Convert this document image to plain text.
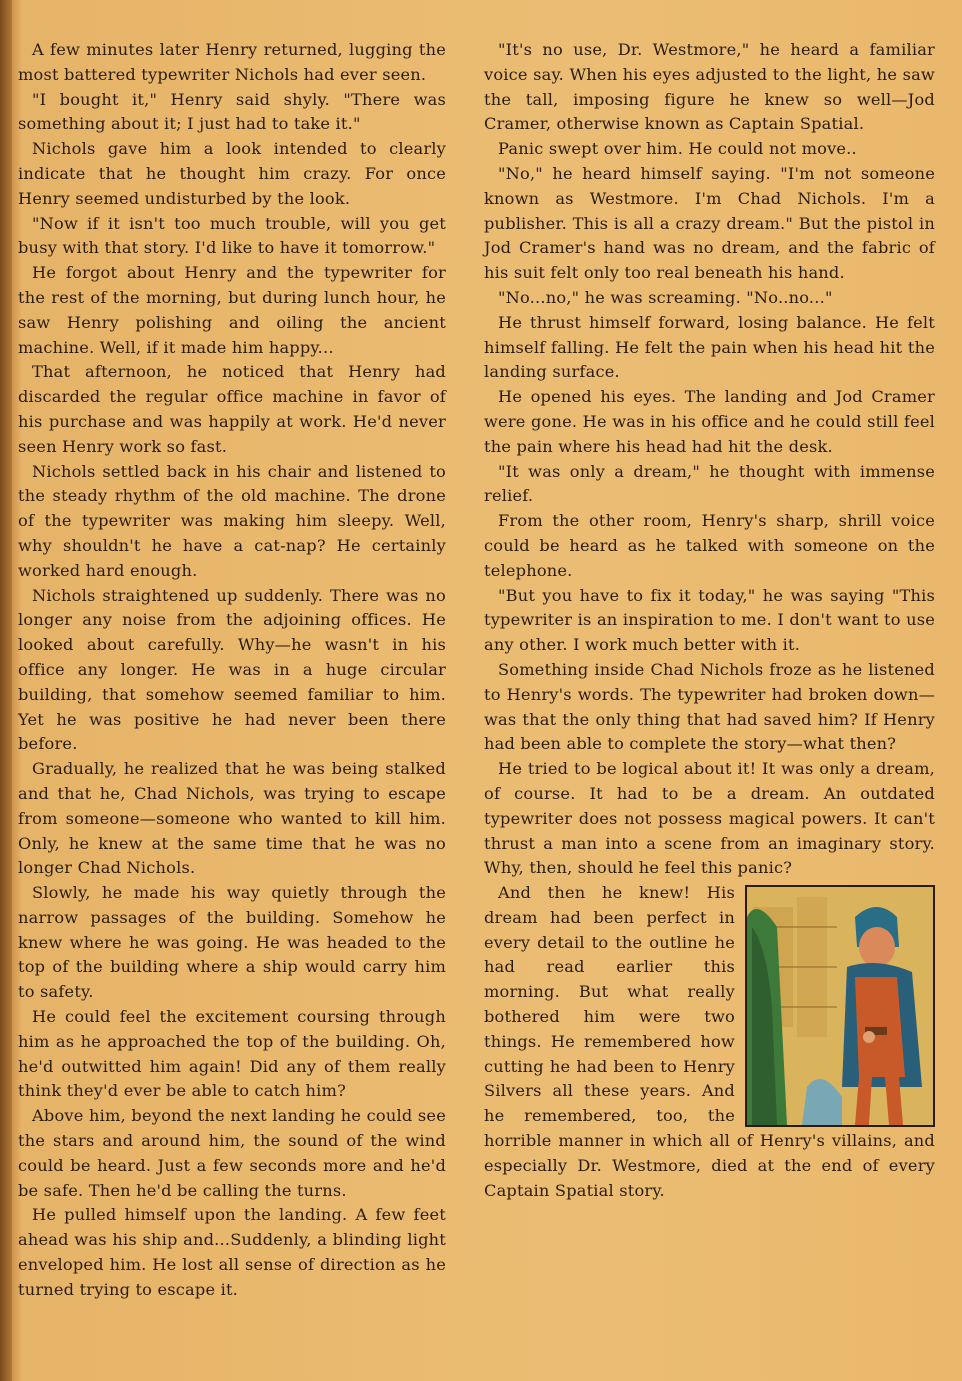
A few minutes later Henry returned, lugging the most battered typewriter Nichols had ever seen.

"I bought it," Henry said shyly. "There was something about it; I just had to take it."

Nichols gave him a look intended to clearly indicate that he thought him crazy. For once Henry seemed undisturbed by the look.

"Now if it isn't too much trouble, will you get busy with that story. I'd like to have it tomorrow."

He forgot about Henry and the typewriter for the rest of the morning, but during lunch hour, he saw Henry polishing and oiling the ancient machine. Well, if it made him happy...

That afternoon, he noticed that Henry had discarded the regular office machine in favor of his purchase and was happily at work. He'd never seen Henry work so fast.

Nichols settled back in his chair and listened to the steady rhythm of the old machine. The drone of the typewriter was making him sleepy. Well, why shouldn't he have a cat-nap? He certainly worked hard enough.

Nichols straightened up suddenly. There was no longer any noise from the adjoining offices. He looked about carefully. Why—he wasn't in his office any longer. He was in a huge circular building, that somehow seemed familiar to him. Yet he was positive he had never been there before.

Gradually, he realized that he was being stalked and that he, Chad Nichols, was trying to escape from someone—someone who wanted to kill him. Only, he knew at the same time that he was no longer Chad Nichols.

Slowly, he made his way quietly through the narrow passages of the building. Somehow he knew where he was going. He was headed to the top of the building where a ship would carry him to safety.

He could feel the excitement coursing through him as he approached the top of the building. Oh, he'd outwitted him again! Did any of them really think they'd ever be able to catch him?

Above him, beyond the next landing he could see the stars and around him, the sound of the wind could be heard. Just a few seconds more and he'd be safe. Then he'd be calling the turns.

He pulled himself upon the landing. A few feet ahead was his ship and...Suddenly, a blinding light enveloped him. He lost all sense of direction as he turned trying to escape it.

"It's no use, Dr. Westmore," he heard a familiar voice say. When his eyes adjusted to the light, he saw the tall, imposing figure he knew so well—Jod Cramer, otherwise known as Captain Spatial.

Panic swept over him. He could not move..

"No," he heard himself saying. "I'm not someone known as Westmore. I'm Chad Nichols. I'm a publisher. This is all a crazy dream." But the pistol in Jod Cramer's hand was no dream, and the fabric of his suit felt only too real beneath his hand.

"No...no," he was screaming. "No..no..."

He thrust himself forward, losing balance. He felt himself falling. He felt the pain when his head hit the landing surface.

He opened his eyes. The landing and Jod Cramer were gone. He was in his office and he could still feel the pain where his head had hit the desk.

"It was only a dream," he thought with immense relief.

From the other room, Henry's sharp, shrill voice could be heard as he talked with someone on the telephone.

"But you have to fix it today," he was saying "This typewriter is an inspiration to me. I don't want to use any other. I work much better with it.

Something inside Chad Nichols froze as he listened to Henry's words. The typewriter had broken down—was that the only thing that had saved him? If Henry had been able to complete the story—what then?

He tried to be logical about it! It was only a dream, of course. It had to be a dream. An outdated typewriter does not possess magical powers. It can't thrust a man into a scene from an imaginary story. Why, then, should he feel this panic?

And then he knew! His dream had been perfect in every detail to the outline he had read earlier this morning. But what really bothered him were two things. He remembered how cutting he had been to Henry Silvers all these years. And he remembered, too, the horrible manner in which all of Henry's villains, and especially Dr. Westmore, died at the end of every Captain Spatial story.
